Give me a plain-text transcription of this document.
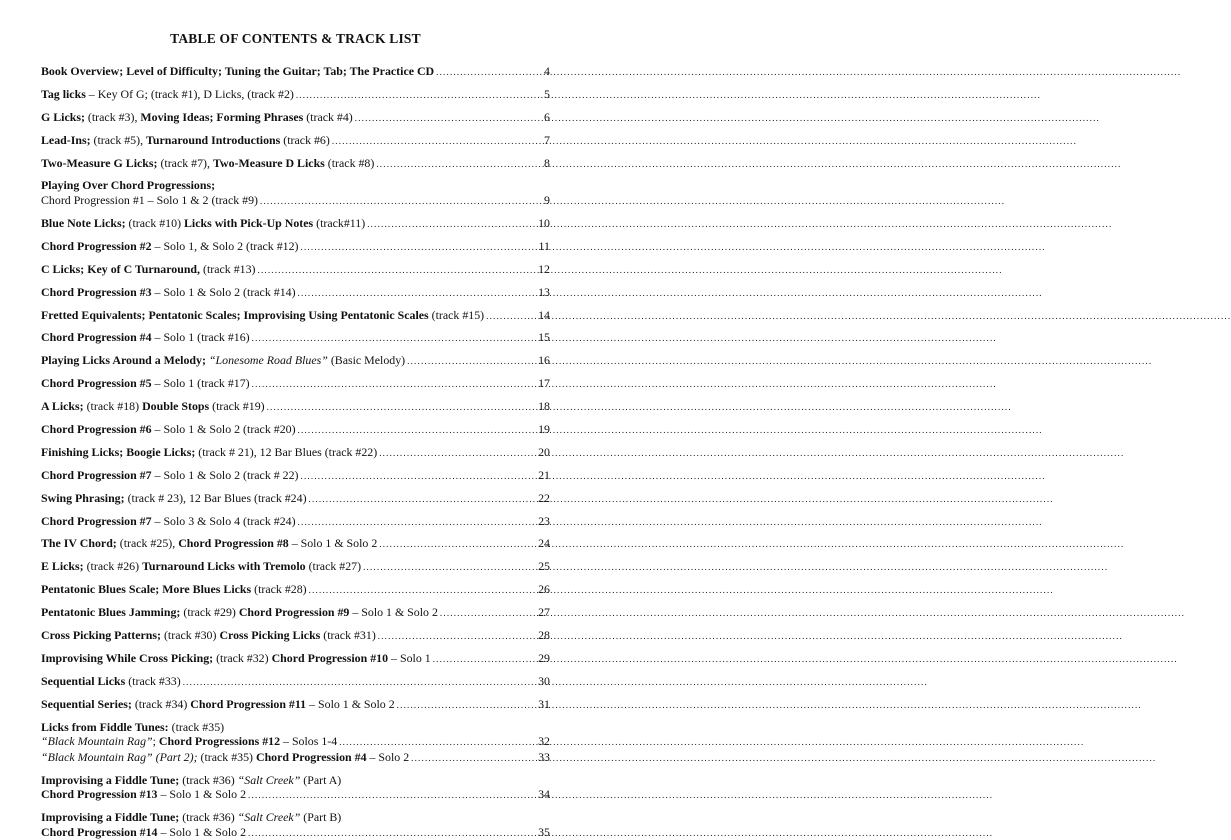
TABLE OF CONTENTS & TRACK LIST
Book Overview; Level of Difficulty; Tuning the Guitar; Tab; The Practice CD .....	4
Tag licks – Key Of G; (track #1), D Licks, (track #2) .....	5
G Licks; (track #3), Moving Ideas; Forming Phrases (track #4) .....	6
Lead-Ins; (track #5), Turnaround Introductions (track #6) .....	7
Two-Measure G Licks; (track #7), Two-Measure D Licks (track #8) .....	8
Playing Over Chord Progressions;
Chord Progression #1 – Solo 1 & 2 (track #9) .....	9
Blue Note Licks; (track #10) Licks with Pick-Up Notes (track#11) .....	10
Chord Progression #2 – Solo 1, & Solo 2 (track #12) .....	11
C Licks; Key of C Turnaround, (track #13) .....	12
Chord Progression #3 – Solo 1 & Solo 2 (track #14) .....	13
Fretted Equivalents; Pentatonic Scales; Improvising Using Pentatonic Scales (track #15) .....	14
Chord Progression #4 – Solo 1 (track #16) .....	15
Playing Licks Around a Melody; “Lonesome Road Blues” (Basic Melody) .....	16
Chord Progression #5 – Solo 1 (track #17) .....	17
A Licks; (track #18) Double Stops (track #19) .....	18
Chord Progression #6 – Solo 1 & Solo 2 (track #20) .....	19
Finishing Licks; Boogie Licks; (track # 21), 12 Bar Blues (track #22) .....	20
Chord Progression #7 – Solo 1 & Solo 2 (track # 22) .....	21
Swing Phrasing; (track # 23), 12 Bar Blues (track #24) .....	22
Chord Progression #7 – Solo 3 & Solo 4 (track #24) .....	23
The IV Chord; (track #25), Chord Progression #8 – Solo 1 & Solo 2 .....	24
E Licks; (track #26) Turnaround Licks with Tremolo (track #27) .....	25
Pentatonic Blues Scale; More Blues Licks (track #28) .....	26
Pentatonic Blues Jamming; (track #29) Chord Progression #9 – Solo 1 & Solo 2 .....	27
Cross Picking Patterns; (track #30) Cross Picking Licks (track #31) .....	28
Improvising While Cross Picking; (track #32) Chord Progression #10 – Solo 1 .....	29
Sequential Licks (track #33) .....	30
Sequential Series; (track #34) Chord Progression #11 – Solo 1 & Solo 2 .....	31
Licks from Fiddle Tunes: (track #35)
“Black Mountain Rag”; Chord Progressions #12 – Solos 1-4 .....	32
“Black Mountain Rag” (Part 2); (track #35) Chord Progression #4 – Solo 2 .....	33
Improvising a Fiddle Tune; (track #36) “Salt Creek” (Part A)
Chord Progression #13 – Solo 1 & Solo 2 .....	34
Improvising a Fiddle Tune; (track #36) “Salt Creek” (Part B)
Chord Progression #14 – Solo 1 & Solo 2 .....	35
